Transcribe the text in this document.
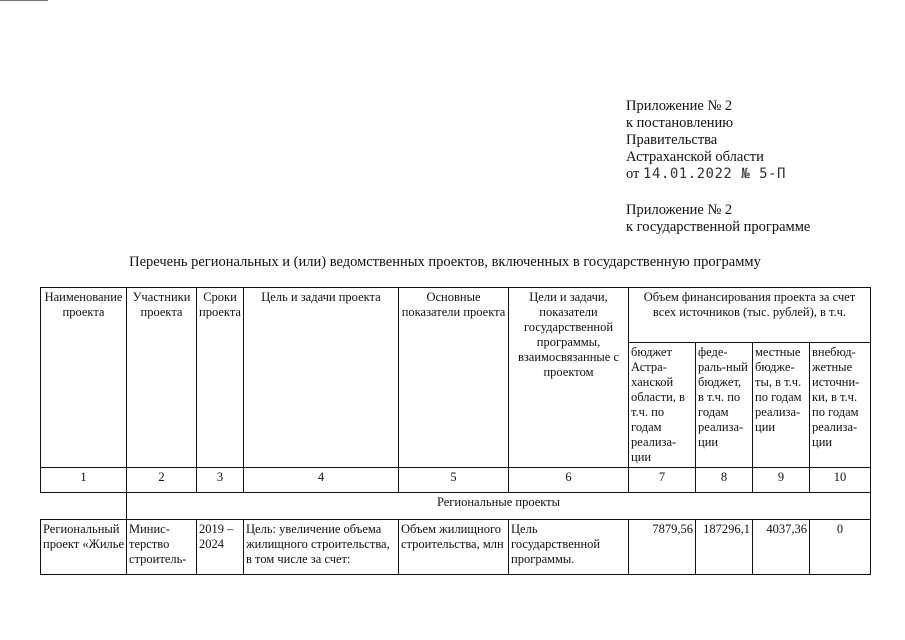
Приложение № 2
к постановлению
Правительства
Астраханской области
от 14.01.2022 № 5-П
Приложение № 2
к государственной программе
Перечень региональных и (или) ведомственных проектов, включенных в государственную программу
Наименование проекта	Участники проекта	Сроки проекта	Цель и задачи проекта	Основные показатели проекта	Цели и задачи, показатели государственной программы, взаимосвязанные с проектом	Объем финансирования проекта за счет всех источников (тыс. рублей), в т.ч.			
						бюджет Астра-ханской области, в т.ч. по годам реализа-ции	феде-раль-ный бюджет, в т.ч. по годам реализа-ции	местные бюдже-ты, в т.ч. по годам реализа-ции	внебюд-жетные источни-ки, в т.ч. по годам реализа-ции
1	2	3	4	5	6	7	8	9	10
	Региональные проекты								
Региональный проект «Жилье	Минис-терство строитель-	2019 – 2024	Цель: увеличение объема жилищного строительства, в том числе за счет:	Объем жилищного строительства, млн	Цель государственной программы.	7879,56	187296,1	4037,36	0
